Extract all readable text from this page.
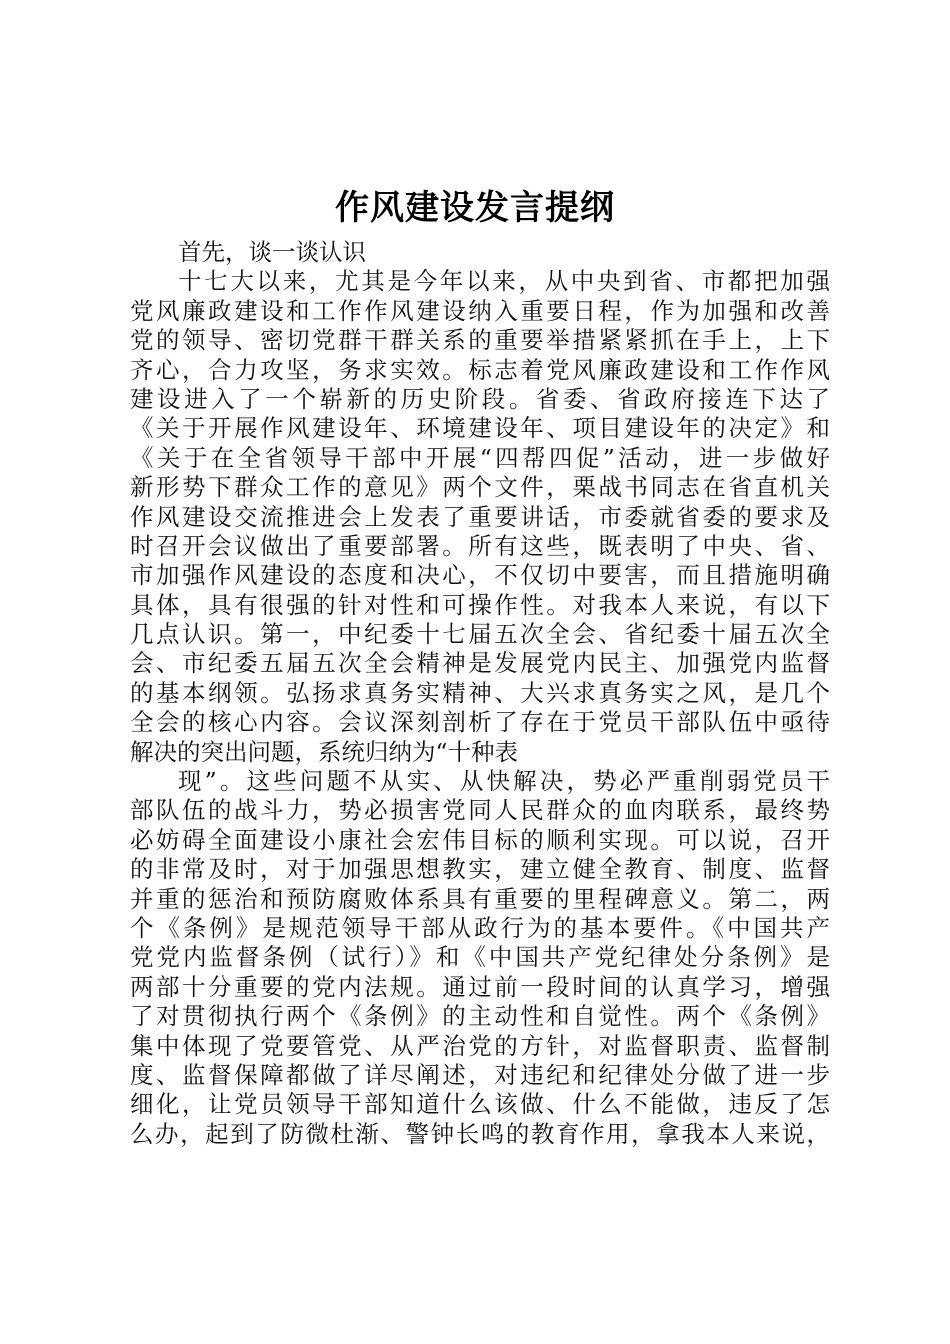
作风建设发言提纲
首先，谈一谈认识
十七大以来，尤其是今年以来，从中央到省、市都把加强
党风廉政建设和工作作风建设纳入重要日程，作为加强和改善
党的领导、密切党群干群关系的重要举措紧紧抓在手上，上下
齐心，合力攻坚，务求实效。标志着党风廉政建设和工作作风
建设进入了一个崭新的历史阶段。省委、省政府接连下达了
《关于开展作风建设年、环境建设年、项目建设年的决定》和
《关于在全省领导干部中开展“四帮四促”活动，进一步做好
新形势下群众工作的意见》两个文件，栗战书同志在省直机关
作风建设交流推进会上发表了重要讲话，市委就省委的要求及
时召开会议做出了重要部署。所有这些，既表明了中央、省、
市加强作风建设的态度和决心，不仅切中要害，而且措施明确
具体，具有很强的针对性和可操作性。对我本人来说，有以下
几点认识。第一，中纪委十七届五次全会、省纪委十届五次全
会、市纪委五届五次全会精神是发展党内民主、加强党内监督
的基本纲领。弘扬求真务实精神、大兴求真务实之风，是几个
全会的核心内容。会议深刻剖析了存在于党员干部队伍中亟待
解决的突出问题，系统归纳为“十种表
现”。这些问题不从实、从快解决，势必严重削弱党员干
部队伍的战斗力，势必损害党同人民群众的血肉联系，最终势
必妨碍全面建设小康社会宏伟目标的顺利实现。可以说，召开
的非常及时，对于加强思想教实，建立健全教育、制度、监督
并重的惩治和预防腐败体系具有重要的里程碑意义。第二，两
个《条例》是规范领导干部从政行为的基本要件。《中国共产
党党内监督条例（试行）》和《中国共产党纪律处分条例》是
两部十分重要的党内法规。通过前一段时间的认真学习，增强
了对贯彻执行两个《条例》的主动性和自觉性。两个《条例》
集中体现了党要管党、从严治党的方针，对监督职责、监督制
度、监督保障都做了详尽阐述，对违纪和纪律处分做了进一步
细化，让党员领导干部知道什么该做、什么不能做，违反了怎
么办，起到了防微杜渐、警钟长鸣的教育作用，拿我本人来说，
